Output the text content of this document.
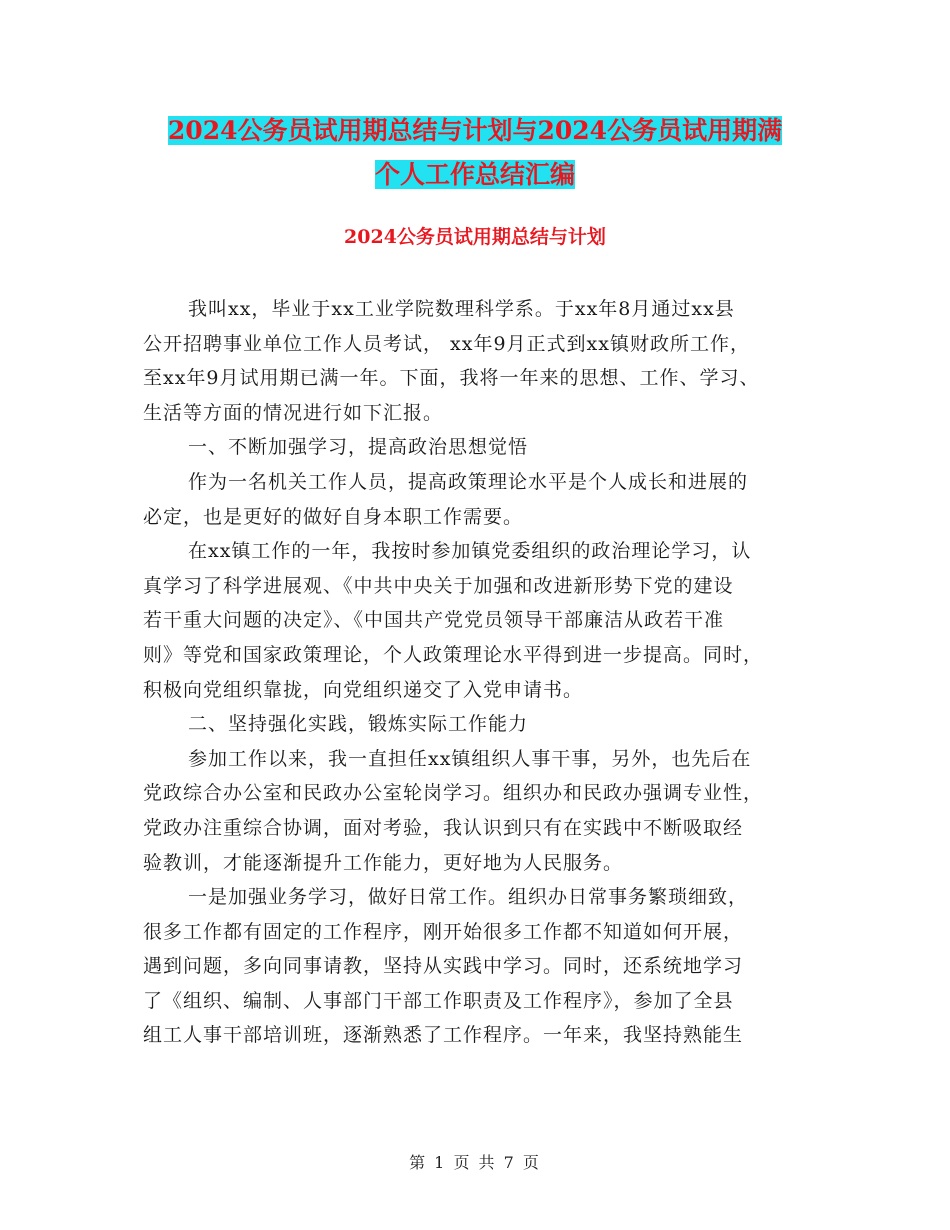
2024公务员试用期总结与计划与2024公务员试用期满
个人工作总结汇编
2024公务员试用期总结与计划
我叫xx，毕业于xx工业学院数理科学系。于xx年8月通过xx县
公开招聘事业单位工作人员考试， xx年9月正式到xx镇财政所工作，
至xx年9月试用期已满一年。下面，我将一年来的思想、工作、学习、
生活等方面的情况进行如下汇报。
一、不断加强学习，提高政治思想觉悟
作为一名机关工作人员，提高政策理论水平是个人成长和进展的
必定，也是更好的做好自身本职工作需要。
在xx镇工作的一年，我按时参加镇党委组织的政治理论学习，认
真学习了科学进展观、《中共中央关于加强和改进新形势下党的建设
若干重大问题的决定》、《中国共产党党员领导干部廉洁从政若干准
则》等党和国家政策理论，个人政策理论水平得到进一步提高。同时，
积极向党组织靠拢，向党组织递交了入党申请书。
二、坚持强化实践，锻炼实际工作能力
参加工作以来，我一直担任xx镇组织人事干事，另外，也先后在
党政综合办公室和民政办公室轮岗学习。组织办和民政办强调专业性，
党政办注重综合协调，面对考验，我认识到只有在实践中不断吸取经
验教训，才能逐渐提升工作能力，更好地为人民服务。
一是加强业务学习，做好日常工作。组织办日常事务繁琐细致，
很多工作都有固定的工作程序，刚开始很多工作都不知道如何开展，
遇到问题，多向同事请教，坚持从实践中学习。同时，还系统地学习
了《组织、编制、人事部门干部工作职责及工作程序》，参加了全县
组工人事干部培训班，逐渐熟悉了工作程序。一年来，我坚持熟能生
第 1 页 共 7 页
